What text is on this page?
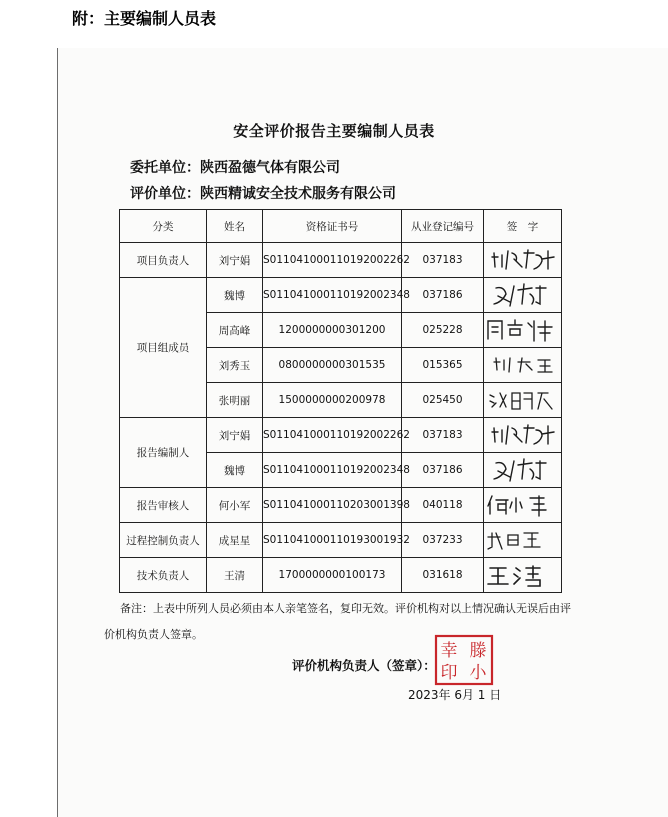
附：主要编制人员表
安全评价报告主要编制人员表
委托单位：陕西盈德气体有限公司
评价单位：陕西精诚安全技术服务有限公司
分类	姓名	资格证书号	从业登记编号	签　字
项目负责人	刘宁娟	S011041000110192002262	037183	

项目组成员	魏博	S011041000110192002348	037186	

	周高峰	1200000000301200	025228	

	刘秀玉	0800000000301535	015365	

	张明丽	1500000000200978	025450	

报告编制人	刘宁娟	S011041000110192002262	037183	

	魏博	S011041000110192002348	037186	

报告审核人	何小军	S011041000110203001398	040118	

过程控制负责人	成星星	S011041000110193001932	037233	

技术负责人	王清	1700000000100173	031618	
备注：上表中所列人员必须由本人亲笔签名，复印无效。评价机构对以上情况确认无误后由评价机构负责人签章。
评价机构负责人（签章）：
幸 滕
印 小
2023年 6月 1 日
